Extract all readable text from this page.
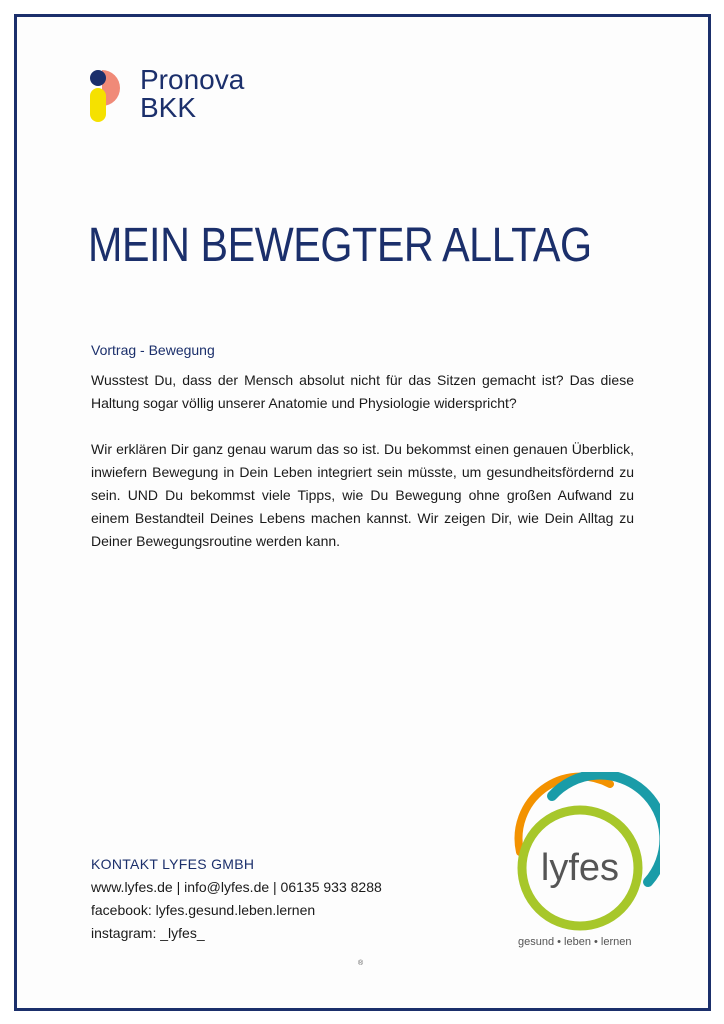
Pronova
BKK
MEIN BEWEGTER ALLTAG
Vortrag - Bewegung

Wusstest Du, dass der Mensch absolut nicht für das Sitzen gemacht ist? Das diese Haltung sogar völlig unserer Anatomie und Physiologie widerspricht?

Wir erklären Dir ganz genau warum das so ist. Du bekommst einen genauen Überblick, inwiefern Bewegung in Dein Leben integriert sein müsste, um gesundheitsfördernd zu sein. UND Du bekommst viele Tipps, wie Du Bewegung ohne großen Aufwand zu einem Bestandteil Deines Lebens machen kannst. Wir zeigen Dir, wie Dein Alltag zu Deiner Bewegungsroutine werden kann.

KONTAKT LYFES GMBH
www.lyfes.de | info@lyfes.de | 06135 933 8288
facebook: lyfes.gesund.leben.lernen
instagram: _lyfes_
®
lyfes
gesund • leben • lernen
